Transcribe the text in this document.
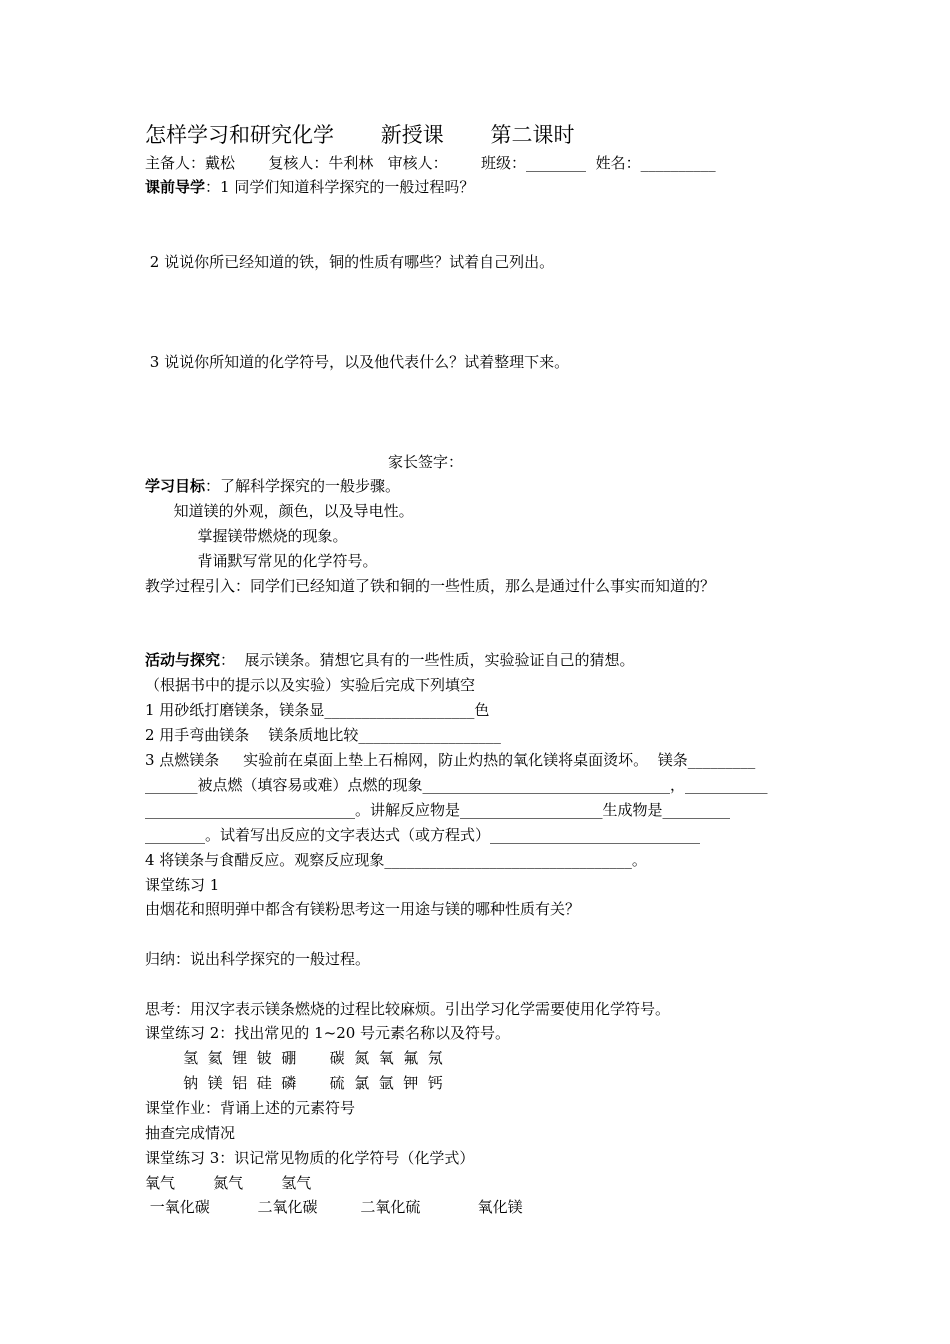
怎样学习和研究化学       新授课       第二课时
主备人：戴松       复核人：牛利林   审核人：       班级：________  姓名：__________
课前导学：1 同学们知道科学探究的一般过程吗？
2 说说你所已经知道的铁，铜的性质有哪些？试着自己列出。
3 说说你所知道的化学符号，以及他代表什么？试着整理下来。
家长签字：
学习目标：了解科学探究的一般步骤。
知道镁的外观，颜色，以及导电性。
掌握镁带燃烧的现象。
背诵默写常见的化学符号。
教学过程引入：同学们已经知道了铁和铜的一些性质，那么是通过什么事实而知道的？
活动与探究：  展示镁条。猜想它具有的一些性质，实验验证自己的猜想。
（根据书中的提示以及实验）实验后完成下列填空
1 用砂纸打磨镁条，镁条显____________________色
2 用手弯曲镁条    镁条质地比较___________________
3 点燃镁条     实验前在桌面上垫上石棉网，防止灼热的氧化镁将桌面烫坏。  镁条_________
_______被点燃（填容易或难）点燃的现象_________________________________，___________
____________________________。讲解反应物是___________________生成物是_________
________。试着写出反应的文字表达式（或方程式）____________________________
4 将镁条与食醋反应。观察反应现象_________________________________。
课堂练习 1
由烟花和照明弹中都含有镁粉思考这一用途与镁的哪种性质有关？
归纳：说出科学探究的一般过程。
思考：用汉字表示镁条燃烧的过程比较麻烦。引出学习化学需要使用化学符号。
课堂练习 2：找出常见的 1~20 号元素名称以及符号。
氢  氦  锂  铍  硼       碳  氮  氧  氟  氖
钠  镁  铝  硅  磷       硫  氯  氩  钾  钙
课堂作业：背诵上述的元素符号
抽查完成情况
课堂练习 3：识记常见物质的化学符号（化学式）
氧气        氮气        氢气
一氧化碳          二氧化碳         二氧化硫            氧化镁
